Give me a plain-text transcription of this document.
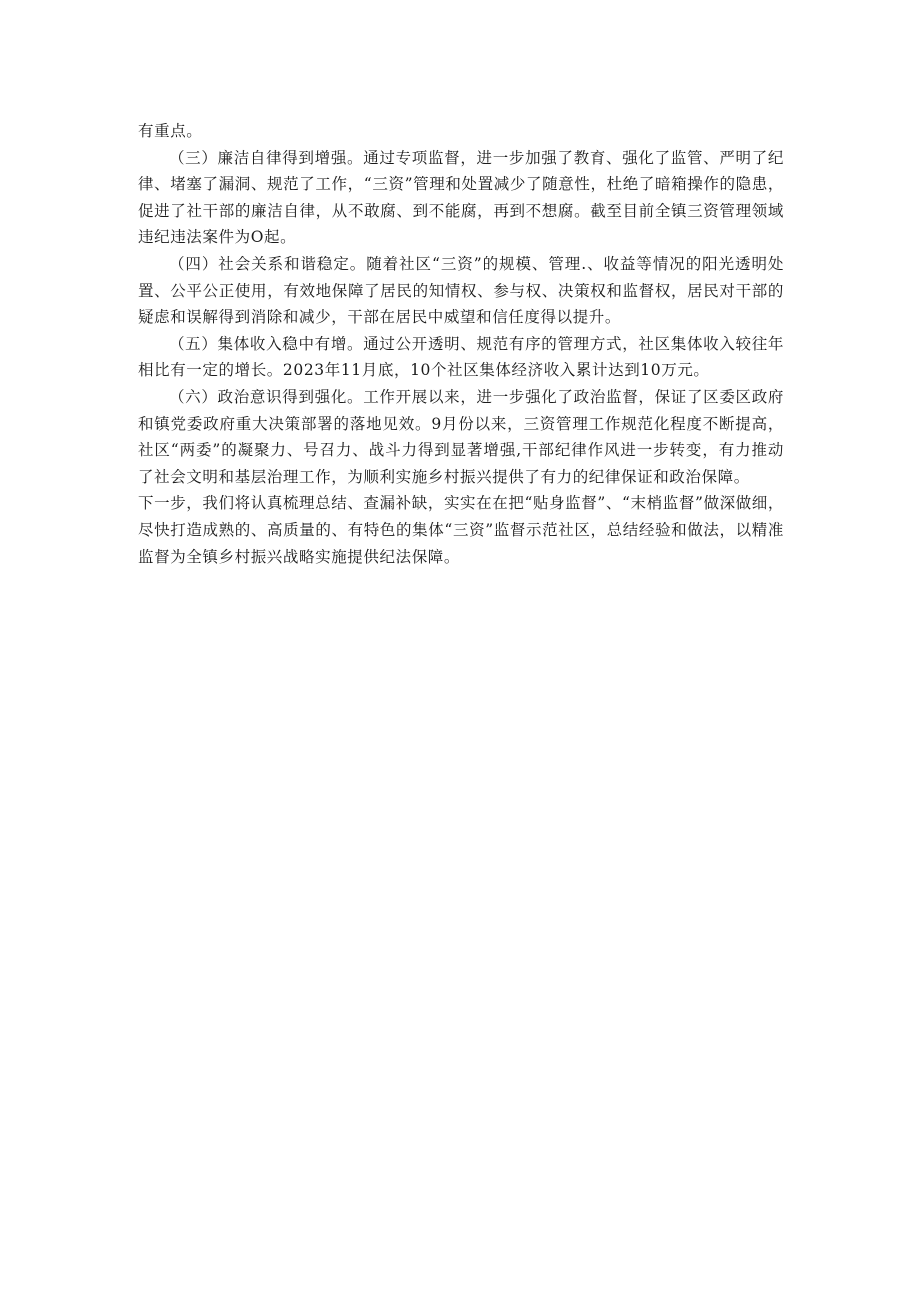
有重点。

（三）廉洁自律得到增强。通过专项监督，进一步加强了教育、强化了监管、严明了纪律、堵塞了漏洞、规范了工作，“三资”管理和处置减少了随意性，杜绝了暗箱操作的隐患，促进了社干部的廉洁自律，从不敢腐、到不能腐，再到不想腐。截至目前全镇三资管理领域违纪违法案件为O起。

（四）社会关系和谐稳定。随着社区“三资”的规模、管理.、收益等情况的阳光透明处置、公平公正使用，有效地保障了居民的知情权、参与权、决策权和监督权，居民对干部的疑虑和误解得到消除和减少，干部在居民中威望和信任度得以提升。

（五）集体收入稳中有增。通过公开透明、规范有序的管理方式，社区集体收入较往年相比有一定的增长。2023年11月底，10个社区集体经济收入累计达到10万元。

（六）政治意识得到强化。工作开展以来，进一步强化了政治监督，保证了区委区政府和镇党委政府重大决策部署的落地见效。9月份以来，三资管理工作规范化程度不断提高，社区“两委”的凝聚力、号召力、战斗力得到显著增强,干部纪律作风进一步转变，有力推动了社会文明和基层治理工作，为顺利实施乡村振兴提供了有力的纪律保证和政治保障。

下一步，我们将认真梳理总结、查漏补缺，实实在在把“贴身监督”、“末梢监督”做深做细，尽快打造成熟的、高质量的、有特色的集体“三资”监督示范社区，总结经验和做法，以精准监督为全镇乡村振兴战略实施提供纪法保障。
